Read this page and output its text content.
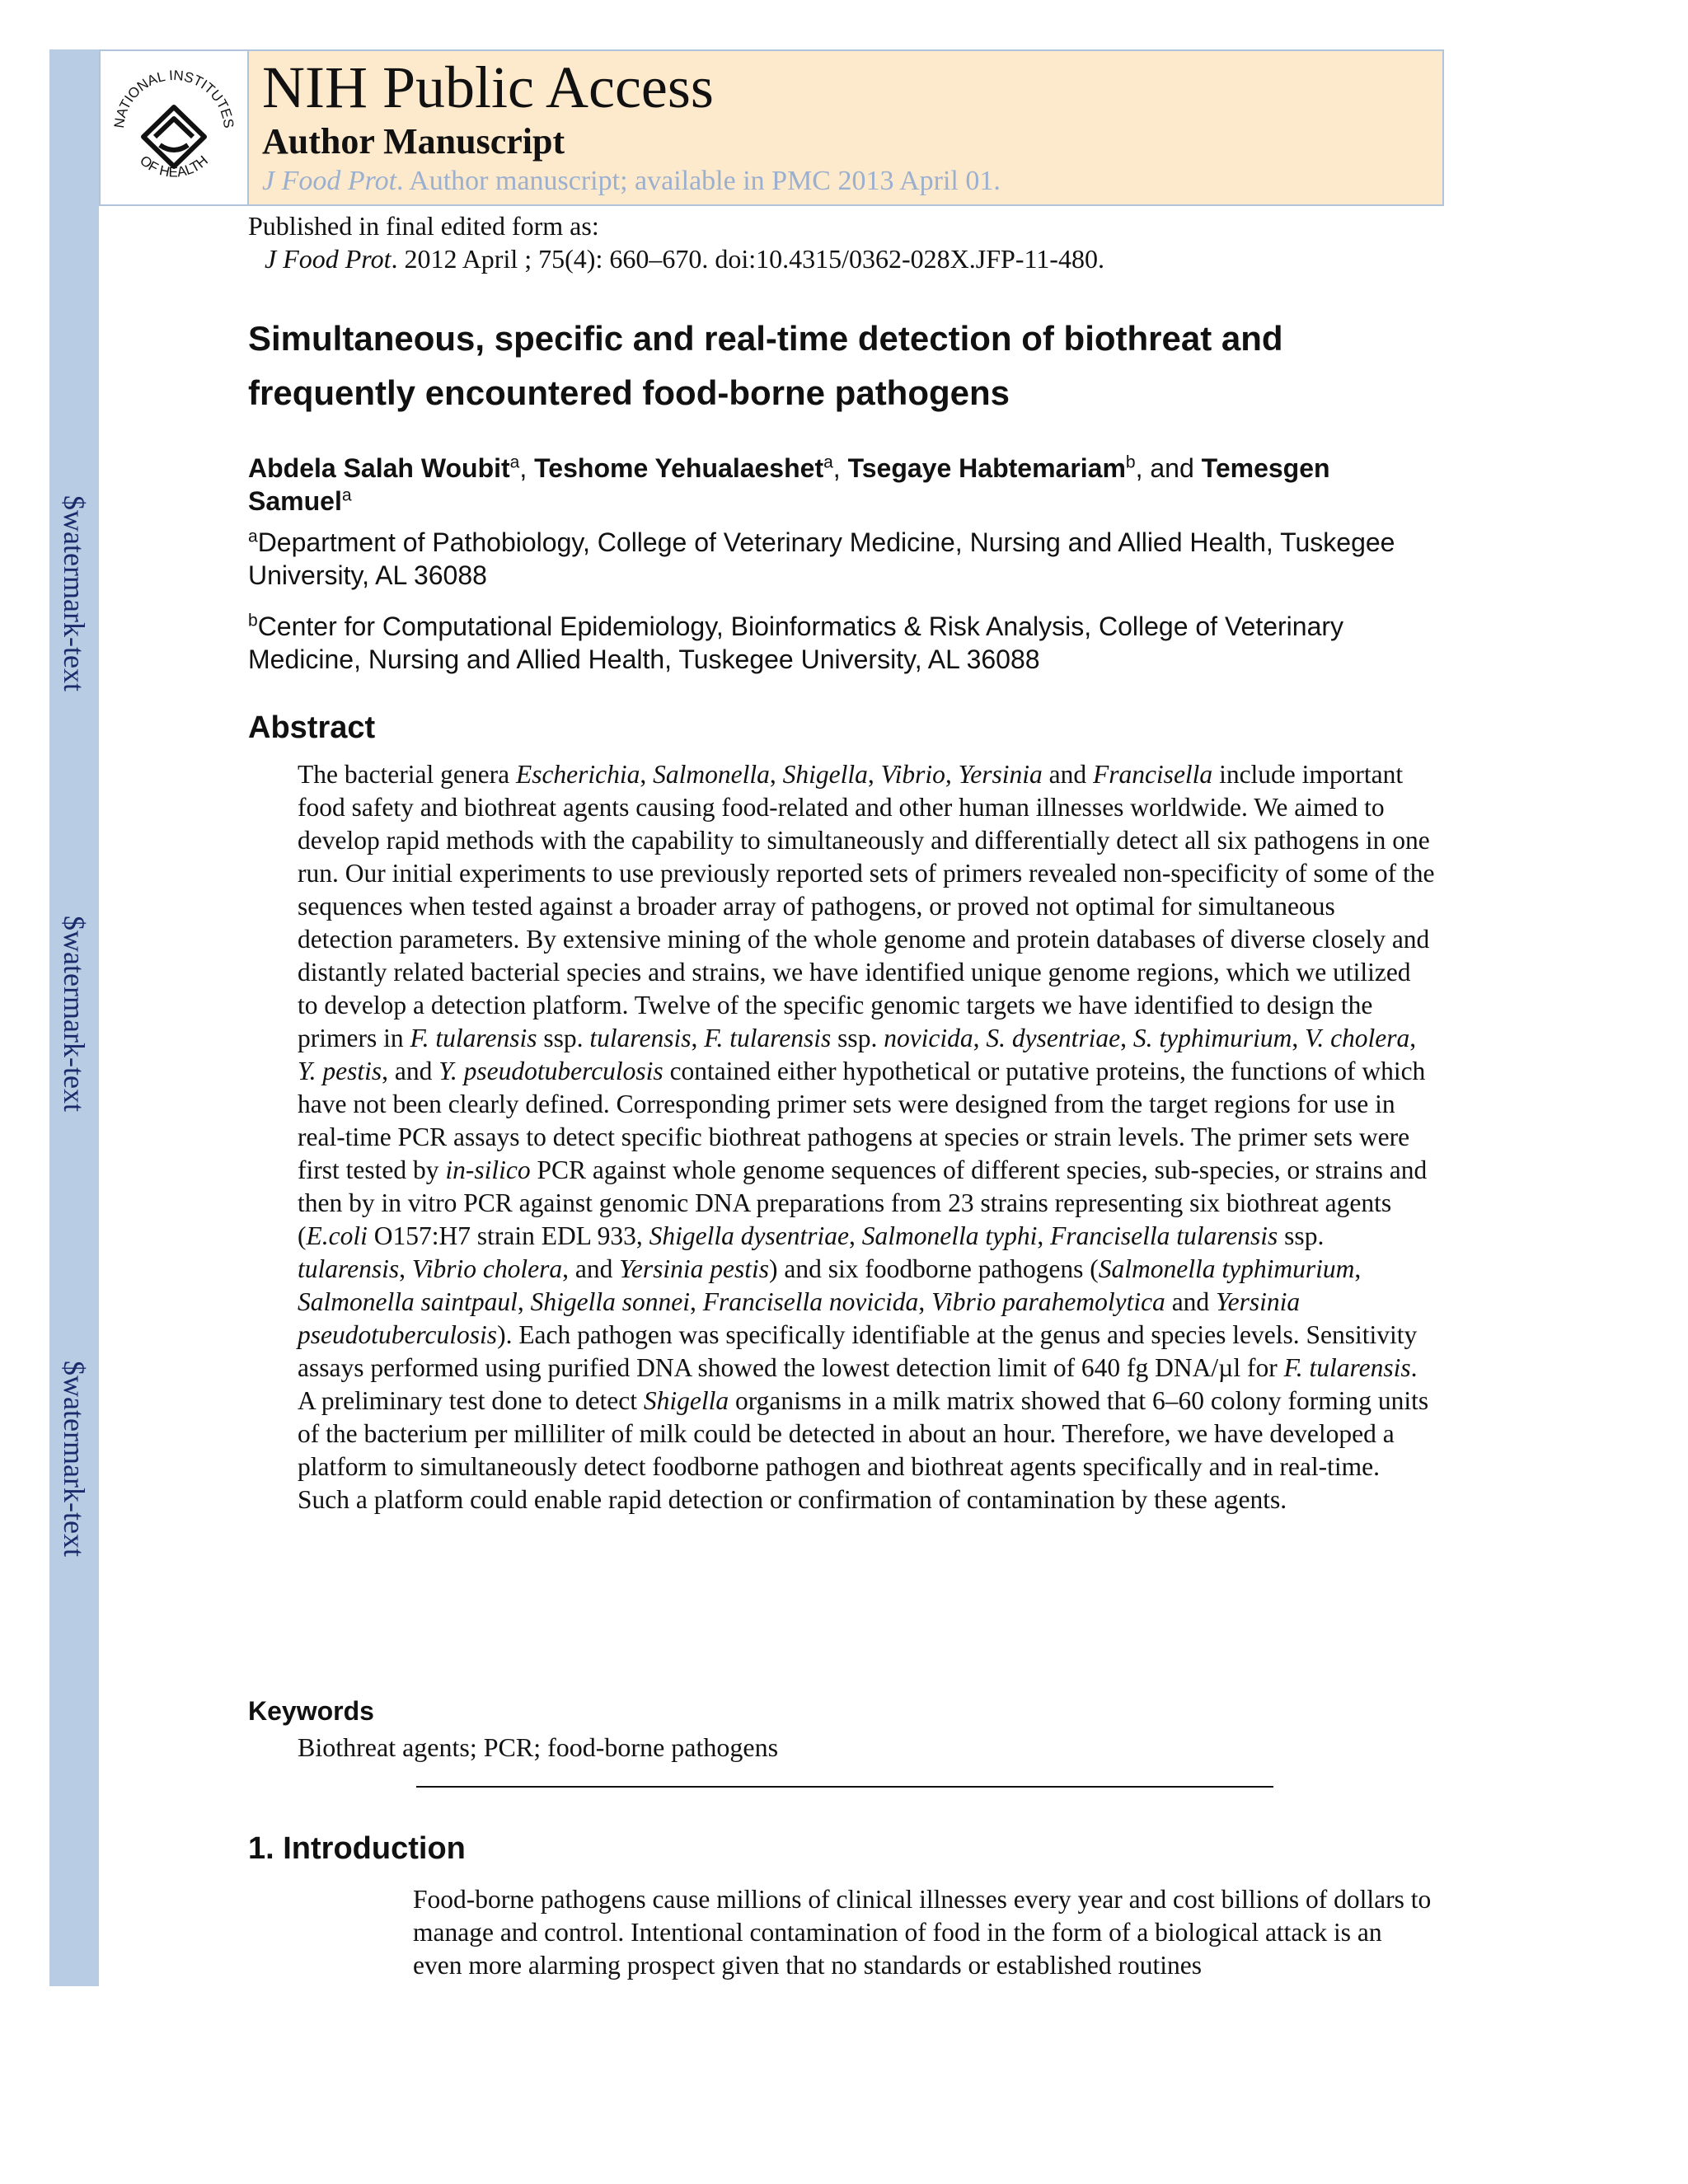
$watermark-text
$watermark-text
$watermark-text
NATIONAL INSTITUTES
OF HEALTH
NIH Public Access
Author Manuscript
J Food Prot. Author manuscript; available in PMC 2013 April 01.
Published in final edited form as:
J Food Prot. 2012 April ; 75(4): 660–670. doi:10.4315/0362-028X.JFP-11-480.
Simultaneous, specific and real-time detection of biothreat and frequently encountered food-borne pathogens
Abdela Salah Woubit$^a$, Teshome Yehualaeshet$^a$, Tsegaye Habtemariam$^b$, and Temesgen Samuel$^a$
$^a$Department of Pathobiology, College of Veterinary Medicine, Nursing and Allied Health, Tuskegee University, AL 36088
$^b$Center for Computational Epidemiology, Bioinformatics & Risk Analysis, College of Veterinary Medicine, Nursing and Allied Health, Tuskegee University, AL 36088
Abstract
The bacterial genera Escherichia, Salmonella, Shigella, Vibrio, Yersinia and Francisella include important food safety and biothreat agents causing food-related and other human illnesses worldwide. We aimed to develop rapid methods with the capability to simultaneously and differentially detect all six pathogens in one run. Our initial experiments to use previously reported sets of primers revealed non-specificity of some of the sequences when tested against a broader array of pathogens, or proved not optimal for simultaneous detection parameters. By extensive mining of the whole genome and protein databases of diverse closely and distantly related bacterial species and strains, we have identified unique genome regions, which we utilized to develop a detection platform. Twelve of the specific genomic targets we have identified to design the primers in F. tularensis ssp. tularensis, F. tularensis ssp. novicida, S. dysentriae, S. typhimurium, V. cholera, Y. pestis, and Y. pseudotuberculosis contained either hypothetical or putative proteins, the functions of which have not been clearly defined. Corresponding primer sets were designed from the target regions for use in real-time PCR assays to detect specific biothreat pathogens at species or strain levels. The primer sets were first tested by in-silico PCR against whole genome sequences of different species, sub-species, or strains and then by in vitro PCR against genomic DNA preparations from 23 strains representing six biothreat agents (E.coli O157:H7 strain EDL 933, Shigella dysentriae, Salmonella typhi, Francisella tularensis ssp. tularensis, Vibrio cholera, and Yersinia pestis) and six foodborne pathogens (Salmonella typhimurium, Salmonella saintpaul, Shigella sonnei, Francisella novicida, Vibrio parahemolytica and Yersinia pseudotuberculosis). Each pathogen was specifically identifiable at the genus and species levels. Sensitivity assays performed using purified DNA showed the lowest detection limit of 640 fg DNA/µl for F. tularensis. A preliminary test done to detect Shigella organisms in a milk matrix showed that 6–60 colony forming units of the bacterium per milliliter of milk could be detected in about an hour. Therefore, we have developed a platform to simultaneously detect foodborne pathogen and biothreat agents specifically and in real-time. Such a platform could enable rapid detection or confirmation of contamination by these agents.
Keywords
Biothreat agents; PCR; food-borne pathogens
1. Introduction
Food-borne pathogens cause millions of clinical illnesses every year and cost billions of dollars to manage and control. Intentional contamination of food in the form of a biological attack is an even more alarming prospect given that no standards or established routines
